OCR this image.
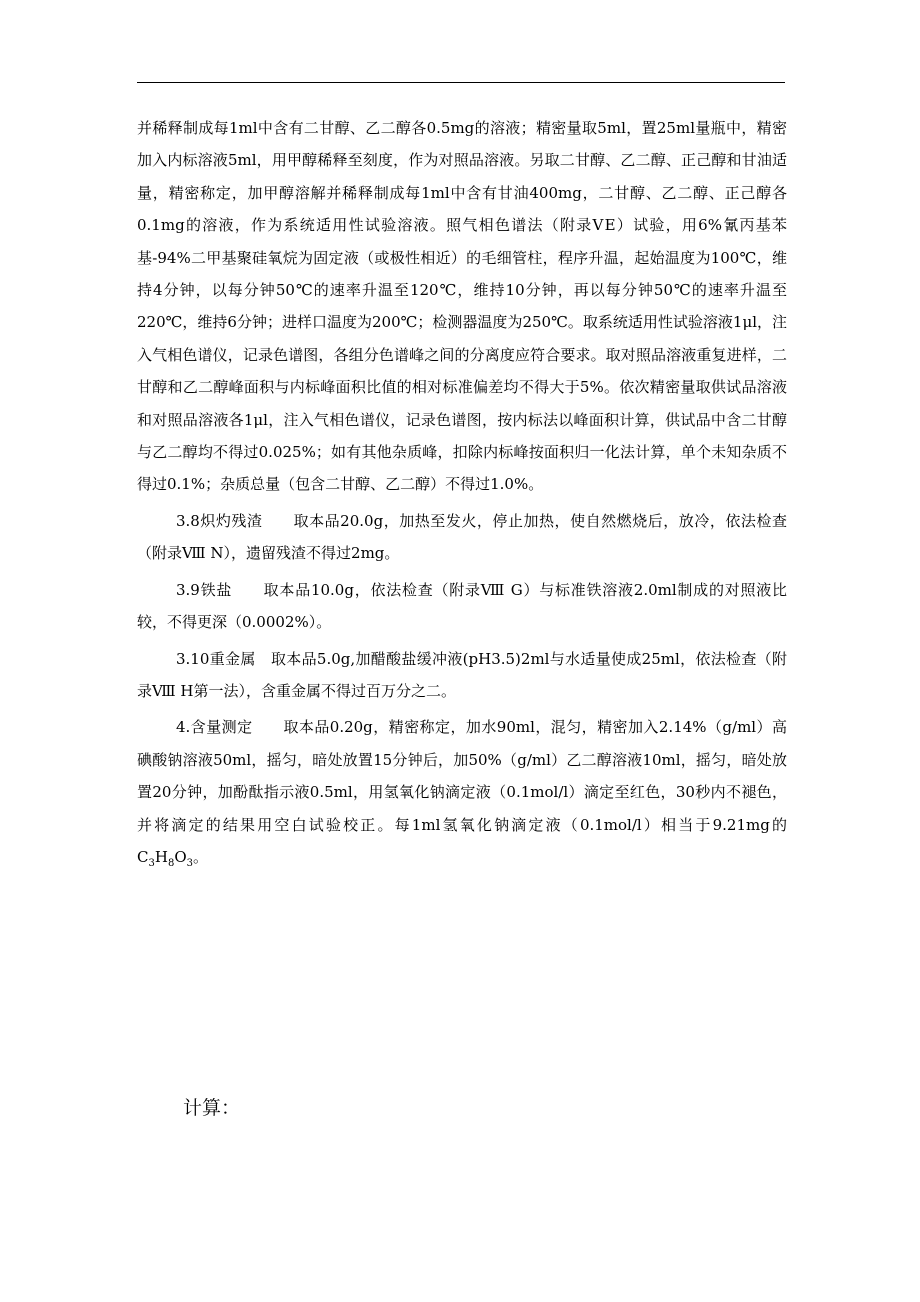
并稀释制成每1ml中含有二甘醇、乙二醇各0.5mg的溶液；精密量取5ml，置25ml量瓶中，精密加入内标溶液5ml，用甲醇稀释至刻度，作为对照品溶液。另取二甘醇、乙二醇、正己醇和甘油适量，精密称定，加甲醇溶解并稀释制成每1ml中含有甘油400mg，二甘醇、乙二醇、正己醇各0.1mg的溶液，作为系统适用性试验溶液。照气相色谱法（附录ⅤE）试验，用6%氰丙基苯基-94%二甲基聚硅氧烷为固定液（或极性相近）的毛细管柱，程序升温，起始温度为100℃，维持4分钟，以每分钟50℃的速率升温至120℃，维持10分钟，再以每分钟50℃的速率升温至220℃，维持6分钟；进样口温度为200℃；检测器温度为250℃。取系统适用性试验溶液1μl，注入气相色谱仪，记录色谱图，各组分色谱峰之间的分离度应符合要求。取对照品溶液重复进样，二甘醇和乙二醇峰面积与内标峰面积比值的相对标准偏差均不得大于5%。依次精密量取供试品溶液和对照品溶液各1μl，注入气相色谱仪，记录色谱图，按内标法以峰面积计算，供试品中含二甘醇与乙二醇均不得过0.025%；如有其他杂质峰，扣除内标峰按面积归一化法计算，单个未知杂质不得过0.1%；杂质总量（包含二甘醇、乙二醇）不得过1.0%。

3.8炽灼残渣　　 取本品20.0g，加热至发火，停止加热，使自然燃烧后，放冷，依法检查（附录Ⅷ N），遗留残渣不得过2mg。

3.9铁盐　　 取本品10.0g，依法检查（附录Ⅷ G）与标准铁溶液2.0ml制成的对照液比较，不得更深（0.0002%）。

3.10重金属　 取本品5.0g,加醋酸盐缓冲液(pH3.5)2ml与水适量使成25ml，依法检查（附录Ⅷ H第一法），含重金属不得过百万分之二。

4.含量测定　　 取本品0.20g，精密称定，加水90ml，混匀，精密加入2.14%（g/ml）高碘酸钠溶液50ml，摇匀，暗处放置15分钟后，加50%（g/ml）乙二醇溶液10ml，摇匀，暗处放置20分钟，加酚酞指示液0.5ml，用氢氧化钠滴定液（0.1mol/l）滴定至红色，30秒内不褪色，并将滴定的结果用空白试验校正。每1ml氢氧化钠滴定液（0.1mol/l）相当于9.21mg的$C_3H_8O_3$。

计算：
